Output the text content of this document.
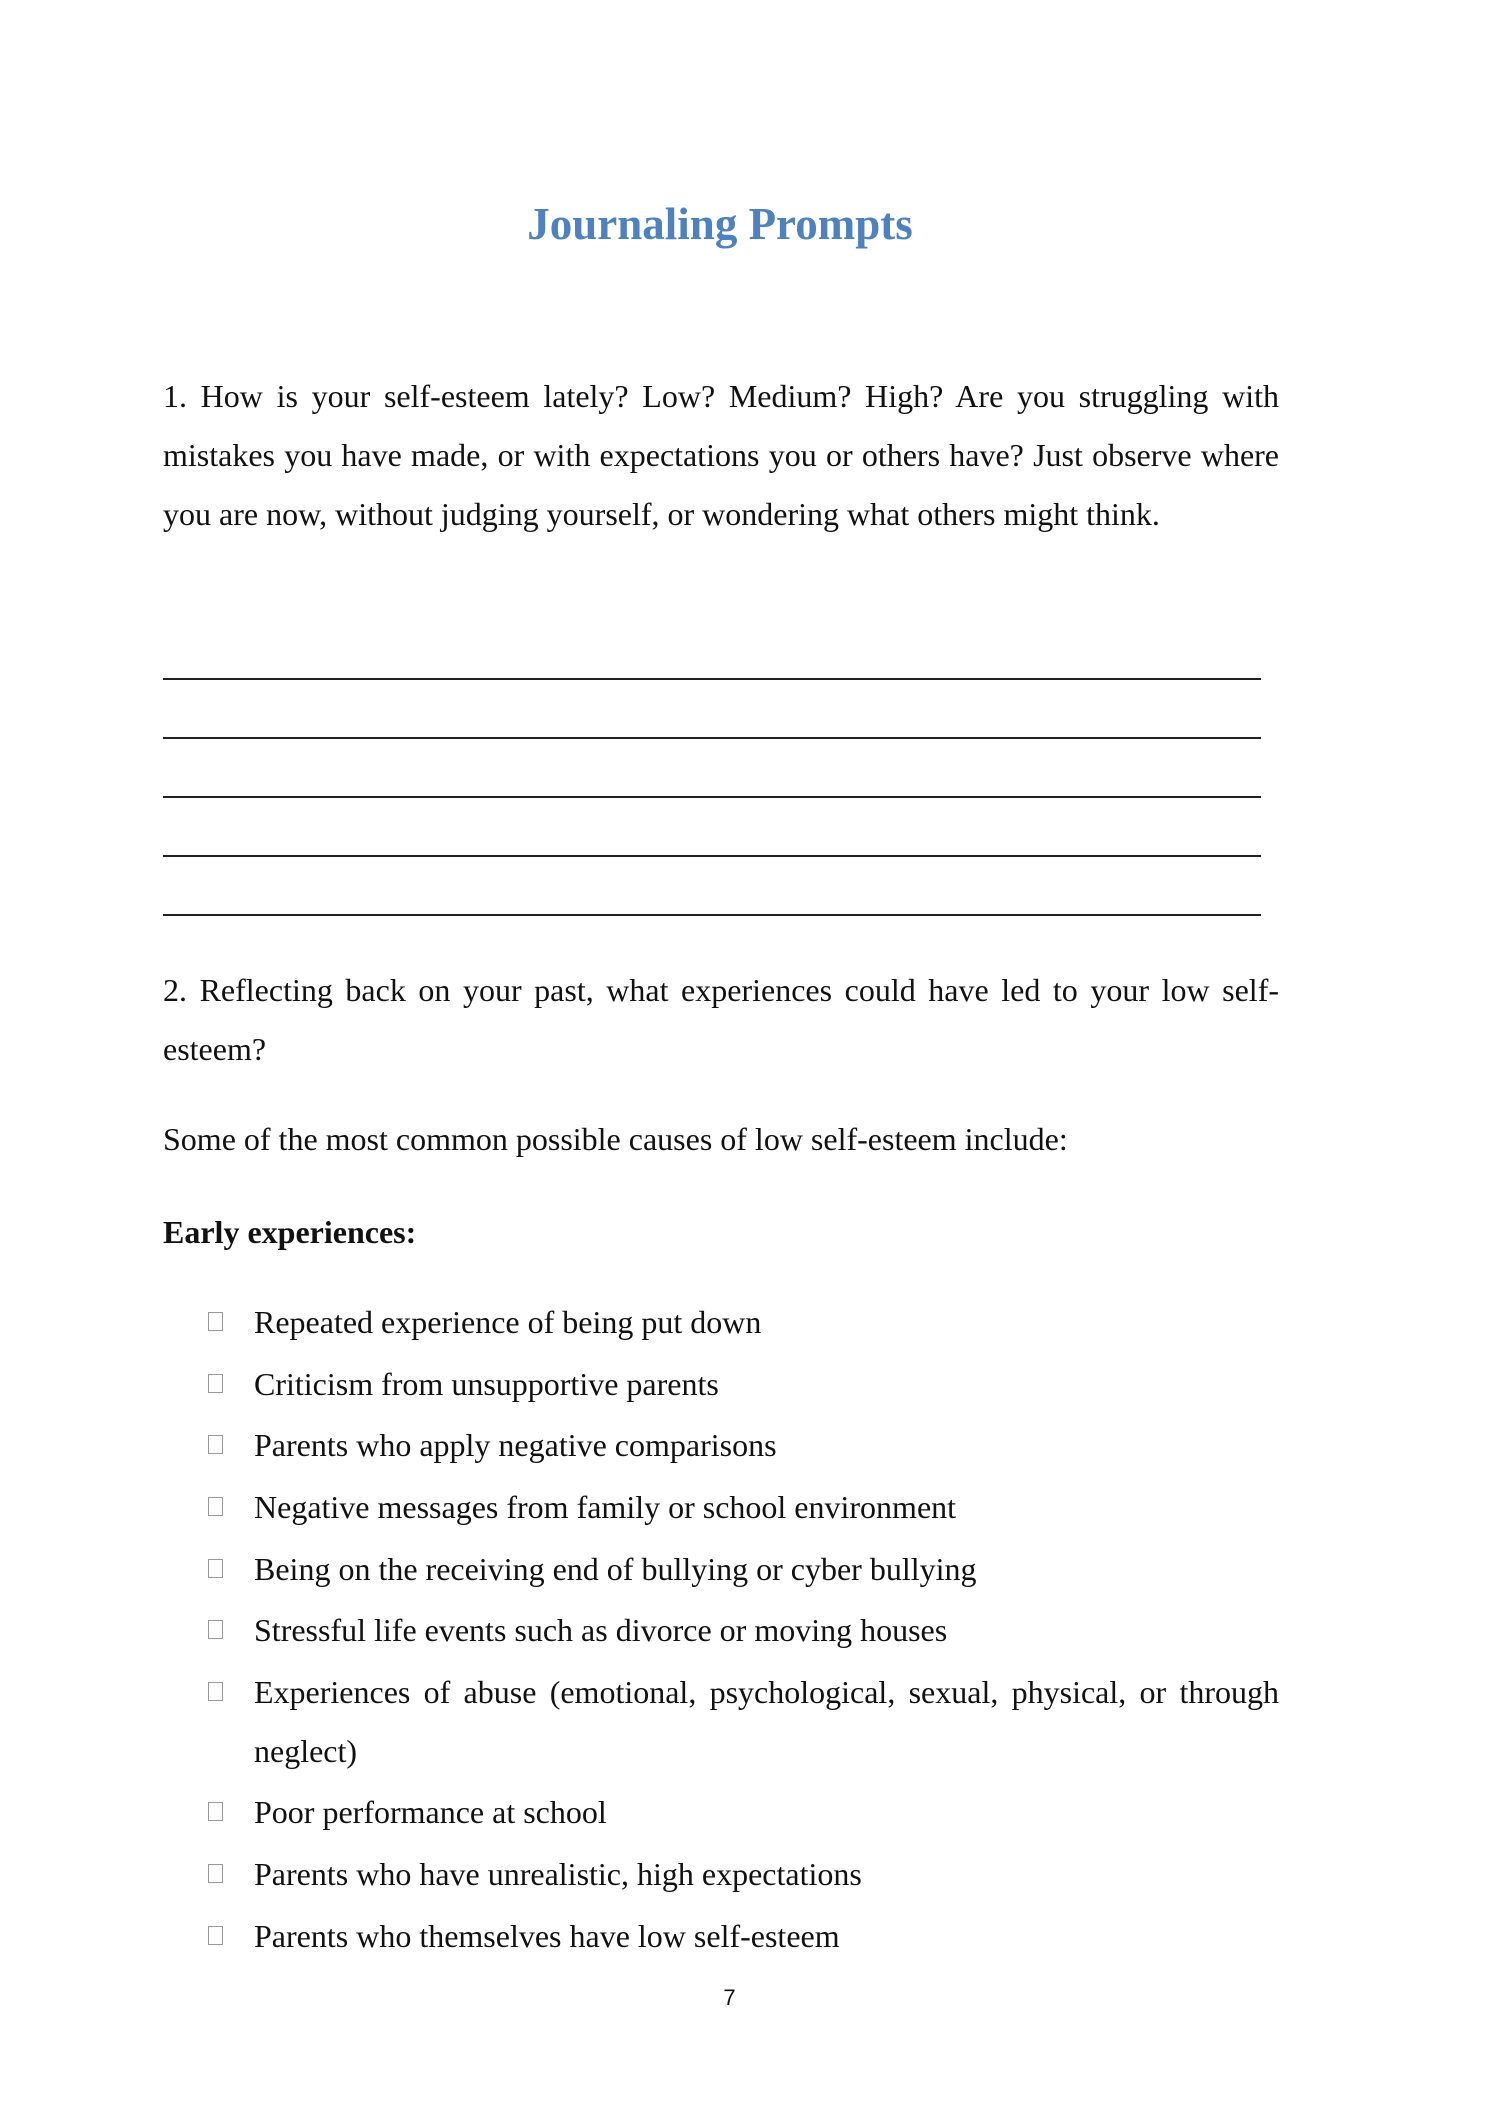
Journaling Prompts

1. How is your self-esteem lately? Low? Medium? High? Are you struggling with mistakes you have made, or with expectations you or others have? Just observe where you are now, without judging yourself, or wondering what others might think.

2. Reflecting back on your past, what experiences could have led to your low self-esteem?

Some of the most common possible causes of low self-esteem include:

Early experiences:

Repeated experience of being put down
Criticism from unsupportive parents
Parents who apply negative comparisons
Negative messages from family or school environment
Being on the receiving end of bullying or cyber bullying
Stressful life events such as divorce or moving houses
Experiences of abuse (emotional, psychological, sexual, physical, or through neglect)
Poor performance at school
Parents who have unrealistic, high expectations
Parents who themselves have low self-esteem
7
